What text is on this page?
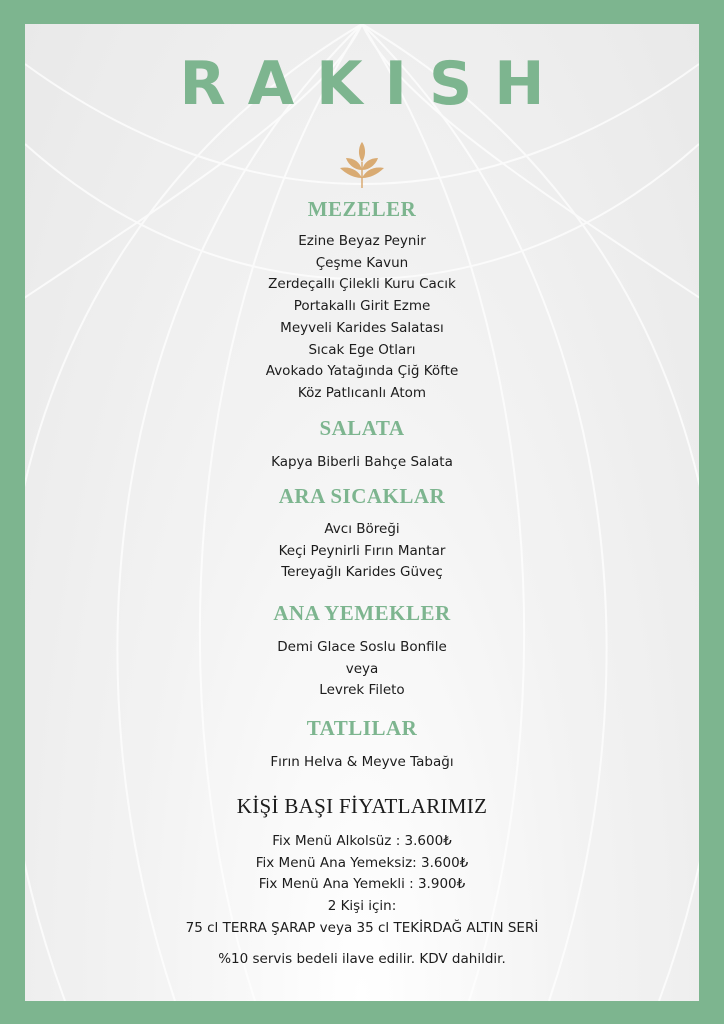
RAKISH
MEZELER
Ezine Beyaz Peynir
Çeşme Kavun
Zerdeçallı Çilekli Kuru Cacık
Portakallı Girit Ezme
Meyveli Karides Salatası
Sıcak Ege Otları
Avokado Yatağında Çiğ Köfte
Köz Patlıcanlı Atom
SALATA
Kapya Biberli Bahçe Salata
ARA SICAKLAR
Avcı Böreği
Keçi Peynirli Fırın Mantar
Tereyağlı Karides Güveç
ANA YEMEKLER
Demi Glace Soslu Bonfile
veya
Levrek Fileto
TATLILAR
Fırın Helva & Meyve Tabağı
KİŞİ BAŞI FİYATLARIMIZ
Fix Menü Alkolsüz : 3.600₺
Fix Menü Ana Yemeksiz: 3.600₺
Fix Menü Ana Yemekli : 3.900₺
2 Kişi için:
75 cl TERRA ŞARAP veya 35 cl TEKİRDAĞ ALTIN SERİ
%10 servis bedeli ilave edilir. KDV dahildir.
